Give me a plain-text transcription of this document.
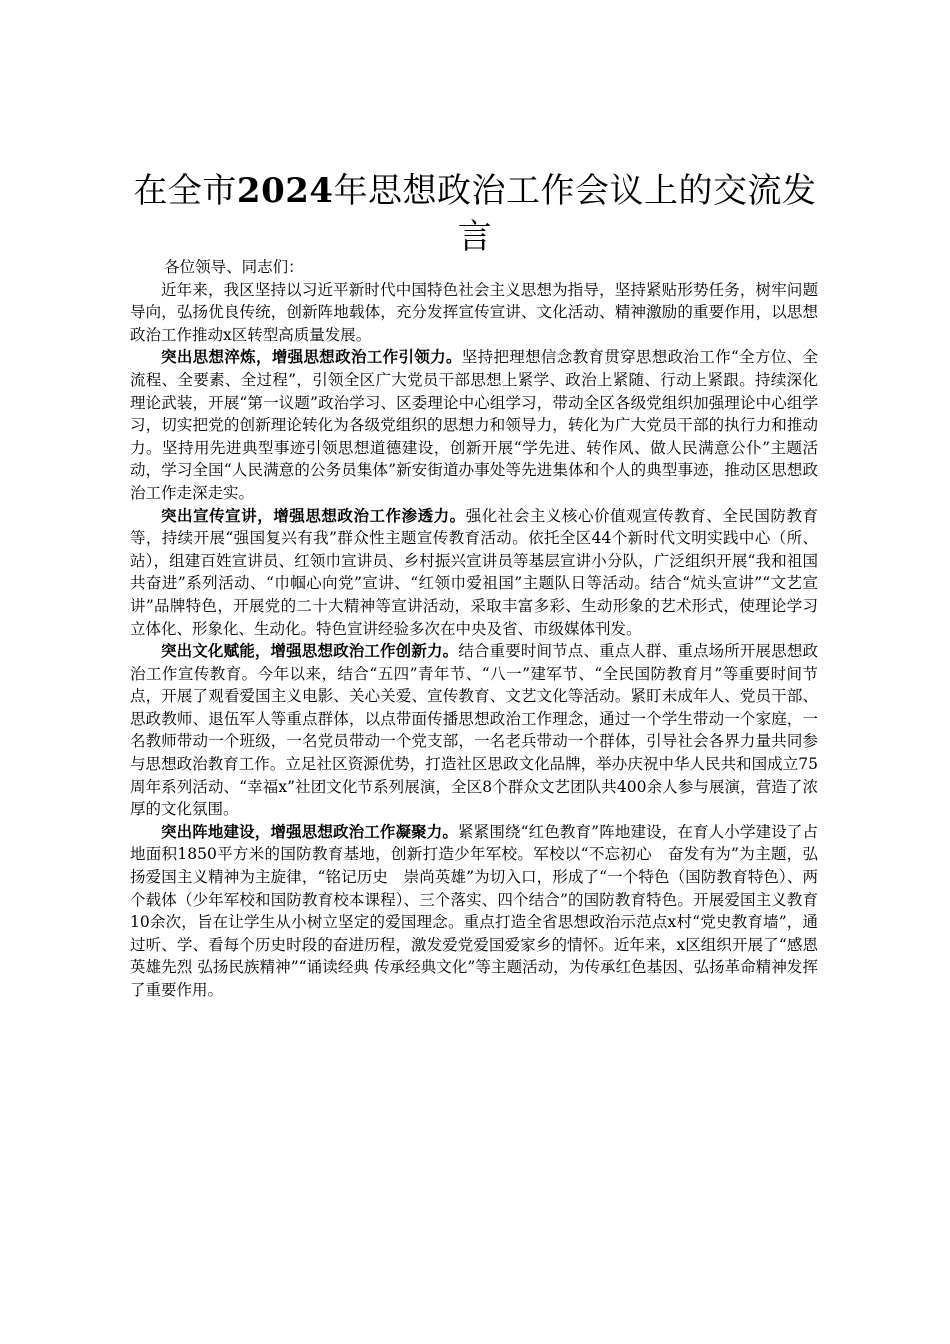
在全市2024年思想政治工作会议上的交流发言

各位领导、同志们：

近年来，我区坚持以习近平新时代中国特色社会主义思想为指导，坚持紧贴形势任务，树牢问题导向，弘扬优良传统，创新阵地载体，充分发挥宣传宣讲、文化活动、精神激励的重要作用，以思想政治工作推动x区转型高质量发展。

突出思想淬炼，增强思想政治工作引领力。坚持把理想信念教育贯穿思想政治工作“全方位、全流程、全要素、全过程”，引领全区广大党员干部思想上紧学、政治上紧随、行动上紧跟。持续深化理论武装，开展“第一议题”政治学习、区委理论中心组学习，带动全区各级党组织加强理论中心组学习，切实把党的创新理论转化为各级党组织的思想力和领导力，转化为广大党员干部的执行力和推动力。坚持用先进典型事迹引领思想道德建设，创新开展“学先进、转作风、做人民满意公仆”主题活动，学习全国“人民满意的公务员集体”新安街道办事处等先进集体和个人的典型事迹，推动区思想政治工作走深走实。

突出宣传宣讲，增强思想政治工作渗透力。强化社会主义核心价值观宣传教育、全民国防教育等，持续开展“强国复兴有我”群众性主题宣传教育活动。依托全区44个新时代文明实践中心（所、站），组建百姓宣讲员、红领巾宣讲员、乡村振兴宣讲员等基层宣讲小分队，广泛组织开展“我和祖国共奋进”系列活动、“巾帼心向党”宣讲、“红领巾爱祖国”主题队日等活动。结合“炕头宣讲”“文艺宣讲”品牌特色，开展党的二十大精神等宣讲活动，采取丰富多彩、生动形象的艺术形式，使理论学习立体化、形象化、生动化。特色宣讲经验多次在中央及省、市级媒体刊发。

突出文化赋能，增强思想政治工作创新力。结合重要时间节点、重点人群、重点场所开展思想政治工作宣传教育。今年以来，结合“五四”青年节、“八一”建军节、“全民国防教育月”等重要时间节点，开展了观看爱国主义电影、关心关爱、宣传教育、文艺文化等活动。紧盯未成年人、党员干部、思政教师、退伍军人等重点群体，以点带面传播思想政治工作理念，通过一个学生带动一个家庭，一名教师带动一个班级，一名党员带动一个党支部，一名老兵带动一个群体，引导社会各界力量共同参与思想政治教育工作。立足社区资源优势，打造社区思政文化品牌，举办庆祝中华人民共和国成立75周年系列活动、“幸福x”社团文化节系列展演，全区8个群众文艺团队共400余人参与展演，营造了浓厚的文化氛围。

突出阵地建设，增强思想政治工作凝聚力。紧紧围绕“红色教育”阵地建设，在育人小学建设了占地面积1850平方米的国防教育基地，创新打造少年军校。军校以“不忘初心　奋发有为”为主题，弘扬爱国主义精神为主旋律，“铭记历史　崇尚英雄”为切入口，形成了“一个特色（国防教育特色）、两个载体（少年军校和国防教育校本课程）、三个落实、四个结合”的国防教育特色。开展爱国主义教育10余次，旨在让学生从小树立坚定的爱国理念。重点打造全省思想政治示范点x村“党史教育墙”，通过听、学、看每个历史时段的奋进历程，激发爱党爱国爱家乡的情怀。近年来，x区组织开展了“感恩英雄先烈 弘扬民族精神”“诵读经典 传承经典文化”等主题活动，为传承红色基因、弘扬革命精神发挥了重要作用。
